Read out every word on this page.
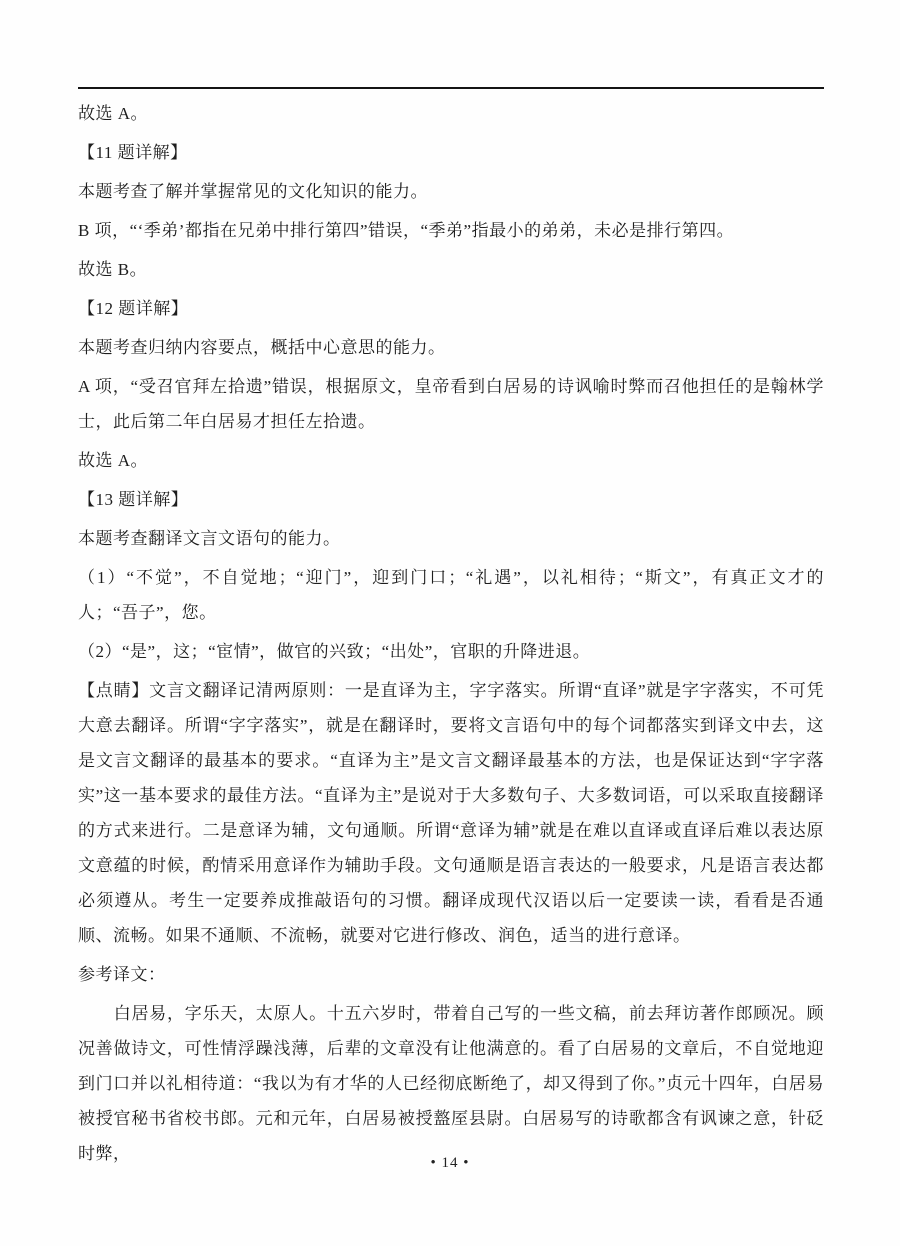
故选 A。

【11 题详解】

本题考查了解并掌握常见的文化知识的能力。

B 项，“‘季弟’都指在兄弟中排行第四”错误，“季弟”指最小的弟弟，未必是排行第四。

故选 B。

【12 题详解】

本题考查归纳内容要点，概括中心意思的能力。

A 项，“受召官拜左拾遗”错误，根据原文，皇帝看到白居易的诗讽喻时弊而召他担任的是翰林学士，此后第二年白居易才担任左拾遗。

故选 A。

【13 题详解】

本题考查翻译文言文语句的能力。

（1）“不觉”，不自觉地；“迎门”，迎到门口；“礼遇”，以礼相待；“斯文”，有真正文才的人；“吾子”，您。

（2）“是”，这；“宦情”，做官的兴致；“出处”，官职的升降进退。

【点睛】文言文翻译记清两原则：一是直译为主，字字落实。所谓“直译”就是字字落实，不可凭大意去翻译。所谓“字字落实”，就是在翻译时，要将文言语句中的每个词都落实到译文中去，这是文言文翻译的最基本的要求。“直译为主”是文言文翻译最基本的方法，也是保证达到“字字落实”这一基本要求的最佳方法。“直译为主”是说对于大多数句子、大多数词语，可以采取直接翻译的方式来进行。二是意译为辅，文句通顺。所谓“意译为辅”就是在难以直译或直译后难以表达原文意蕴的时候，酌情采用意译作为辅助手段。文句通顺是语言表达的一般要求，凡是语言表达都必须遵从。考生一定要养成推敲语句的习惯。翻译成现代汉语以后一定要读一读，看看是否通顺、流畅。如果不通顺、不流畅，就要对它进行修改、润色，适当的进行意译。

参考译文：

白居易，字乐天，太原人。十五六岁时，带着自己写的一些文稿，前去拜访著作郎顾况。顾况善做诗文，可性情浮躁浅薄，后辈的文章没有让他满意的。看了白居易的文章后，不自觉地迎到门口并以礼相待道：“我以为有才华的人已经彻底断绝了，却又得到了你。”贞元十四年，白居易被授官秘书省校书郎。元和元年，白居易被授盩厔县尉。白居易写的诗歌都含有讽谏之意，针砭时弊，	• 14 •
